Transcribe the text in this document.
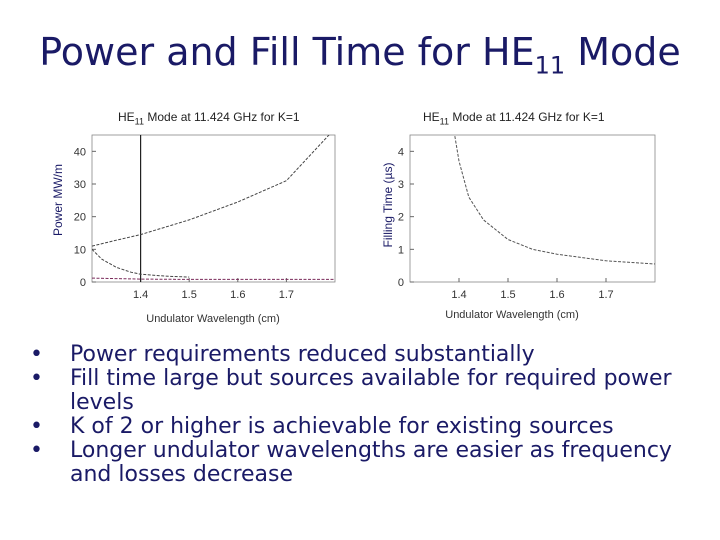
Power and Fill Time for $HE_{11}$ Mode
$HE_{11}$ Mode at 11.424 GHz for K=1	$HE_{11}$ Mode at 11.424 GHz for K=1
0
10
20
30
40
1.4	1.5	1.6	1.7
Power MW/m
Undulator Wavelength (cm)
0
1
2
3
4
1.4	1.5	1.6	1.7
Filling Time (µs)
Undulator Wavelength (cm)
•	Power requirements reduced substantially
•	Fill time large but sources available for required power levels
•	K of 2 or higher is achievable for existing sources
•	Longer undulator wavelengths are easier as frequency and losses decrease
